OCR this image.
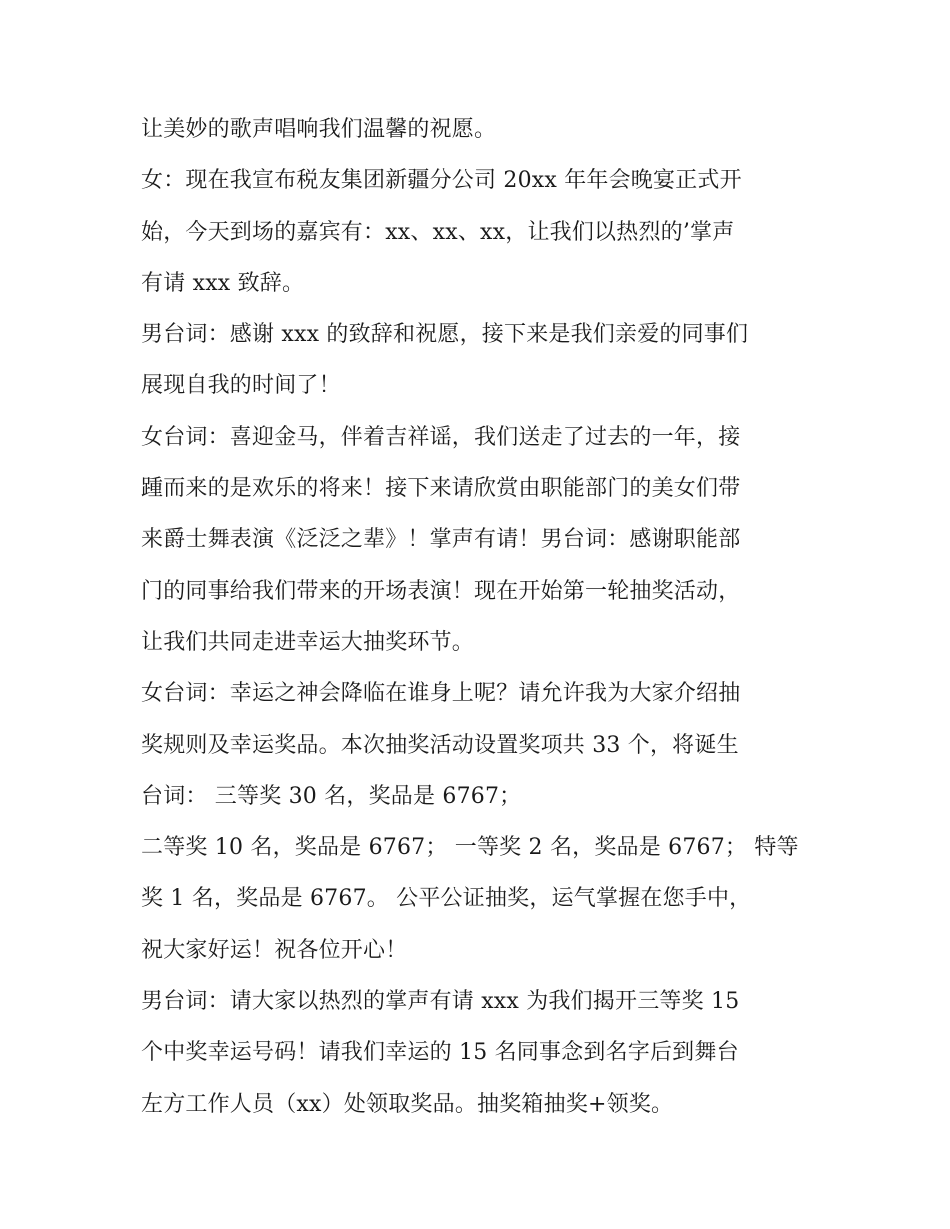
让美妙的歌声唱响我们温馨的祝愿。
女：现在我宣布税友集团新疆分公司 20xx 年年会晚宴正式开
始，今天到场的嘉宾有：xx、xx、xx，让我们以热烈的’掌声
有请 xxx 致辞。
男台词：感谢 xxx 的致辞和祝愿，接下来是我们亲爱的同事们
展现自我的时间了！
女台词：喜迎金马，伴着吉祥谣，我们送走了过去的一年，接
踵而来的是欢乐的将来！接下来请欣赏由职能部门的美女们带
来爵士舞表演《泛泛之辈》！掌声有请！男台词：感谢职能部
门的同事给我们带来的开场表演！现在开始第一轮抽奖活动，
让我们共同走进幸运大抽奖环节。
女台词：幸运之神会降临在谁身上呢？请允许我为大家介绍抽
奖规则及幸运奖品。本次抽奖活动设置奖项共 33 个，将诞生
台词： 三等奖 30 名，奖品是 6767；
二等奖 10 名，奖品是 6767； 一等奖 2 名，奖品是 6767； 特等
奖 1 名，奖品是 6767。 公平公证抽奖，运气掌握在您手中，
祝大家好运！祝各位开心！
男台词：请大家以热烈的掌声有请 xxx 为我们揭开三等奖 15
个中奖幸运号码！请我们幸运的 15 名同事念到名字后到舞台
左方工作人员（xx）处领取奖品。抽奖箱抽奖+领奖。
